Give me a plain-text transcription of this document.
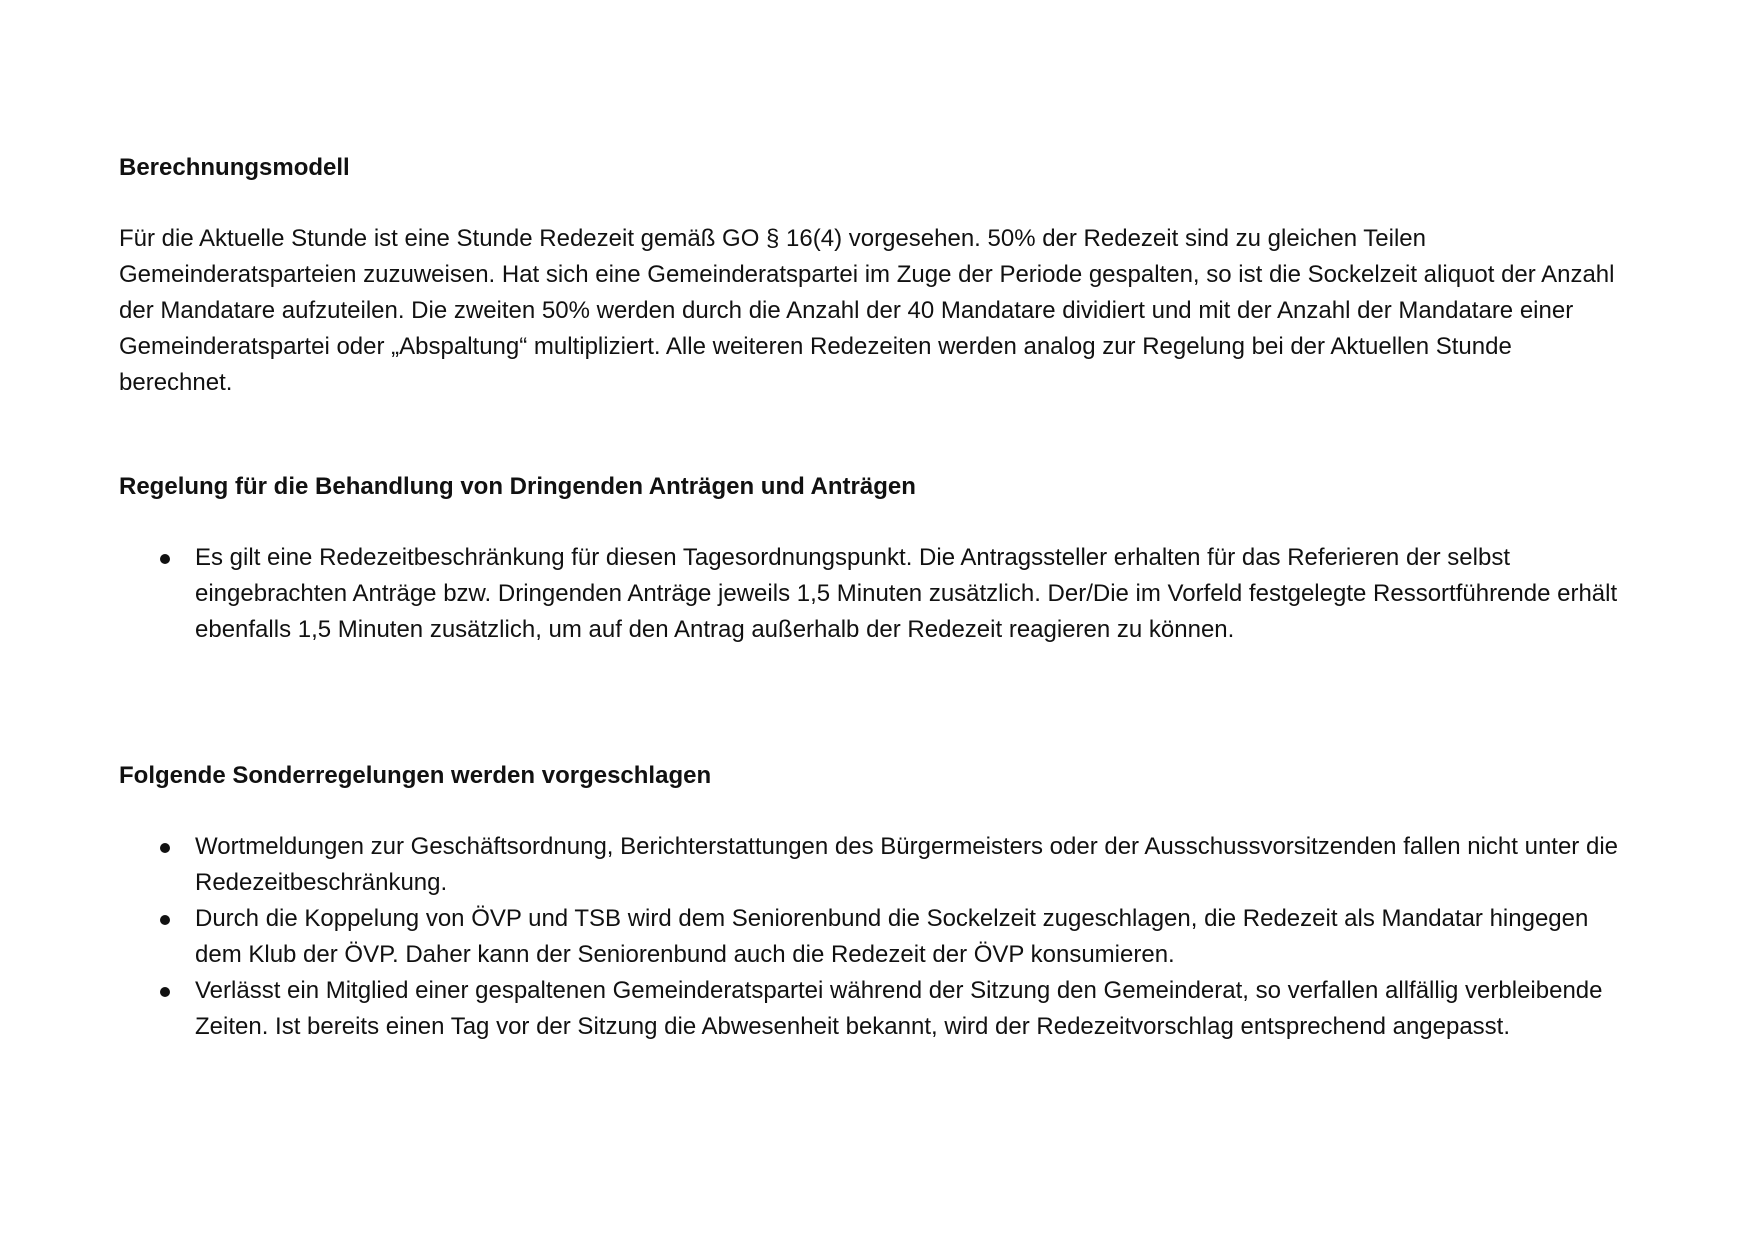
Berechnungsmodell

Für die Aktuelle Stunde ist eine Stunde Redezeit gemäß GO § 16(4) vorgesehen. 50% der Redezeit sind zu gleichen Teilen Gemeinderatsparteien zuzuweisen. Hat sich eine Gemeinderatspartei im Zuge der Periode gespalten, so ist die Sockelzeit aliquot der Anzahl der Mandatare aufzuteilen. Die zweiten 50% werden durch die Anzahl der 40 Mandatare dividiert und mit der Anzahl der Mandatare einer Gemeinderatspartei oder „Abspaltung“ multipliziert. Alle weiteren Redezeiten werden analog zur Regelung bei der Aktuellen Stunde berechnet.

Regelung für die Behandlung von Dringenden Anträgen und Anträgen

Es gilt eine Redezeitbeschränkung für diesen Tagesordnungspunkt. Die Antragssteller erhalten für das Referieren der selbst eingebrachten Anträge bzw. Dringenden Anträge jeweils 1,5 Minuten zusätzlich. Der/Die im Vorfeld festgelegte Ressortführende erhält ebenfalls 1,5 Minuten zusätzlich, um auf den Antrag außerhalb der Redezeit reagieren zu können.

Folgende Sonderregelungen werden vorgeschlagen

Wortmeldungen zur Geschäftsordnung, Berichterstattungen des Bürgermeisters oder der Ausschussvorsitzenden fallen nicht unter die Redezeitbeschränkung.
Durch die Koppelung von ÖVP und TSB wird dem Seniorenbund die Sockelzeit zugeschlagen, die Redezeit als Mandatar hingegen dem Klub der ÖVP. Daher kann der Seniorenbund auch die Redezeit der ÖVP konsumieren.
Verlässt ein Mitglied einer gespaltenen Gemeinderatspartei während der Sitzung den Gemeinderat, so verfallen allfällig verbleibende Zeiten. Ist bereits einen Tag vor der Sitzung die Abwesenheit bekannt, wird der Redezeitvorschlag entsprechend angepasst.
